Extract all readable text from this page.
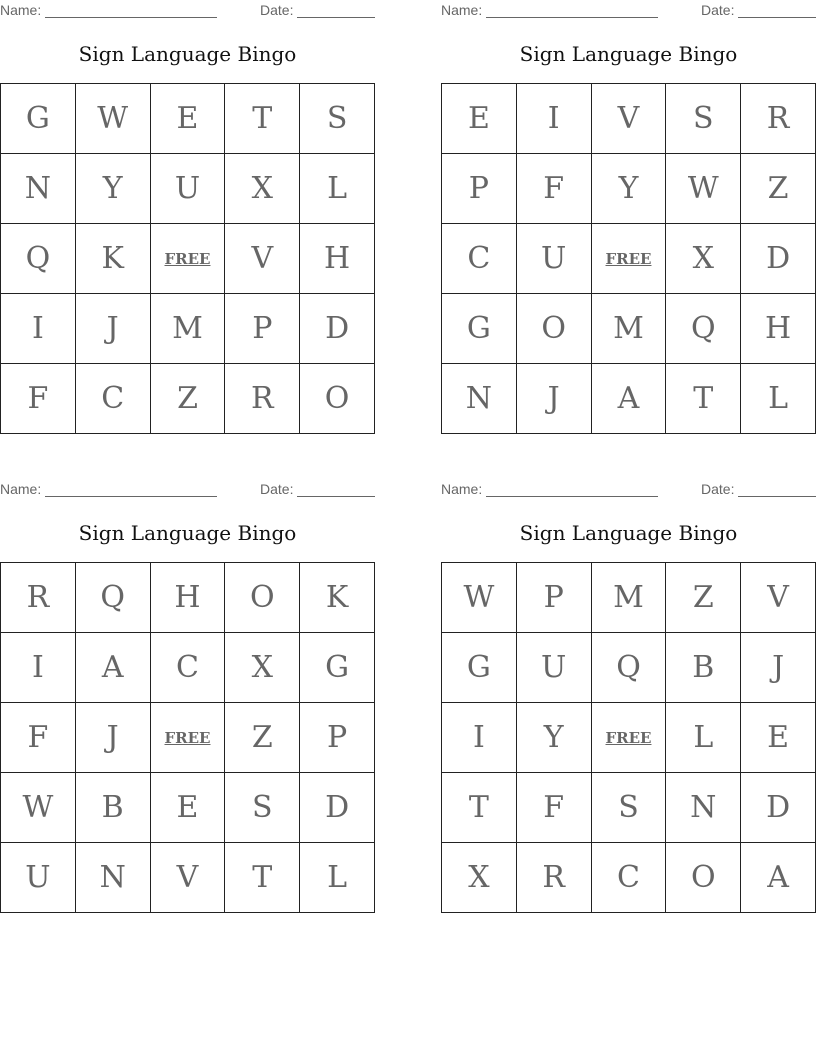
Name:	Date:
Sign Language Bingo
G W E T S
N Y U X L
Q K	FREE V H
I J M P D
F C Z R O
Name:	Date:
Sign Language Bingo
E I V S R
P F Y W Z
C U	FREE X D
G O M Q H
N J A T L
Name:	Date:
Sign Language Bingo
R Q H O K
I A C X G
F J	FREE Z P
W B E S D
U N V T L
Name:	Date:
Sign Language Bingo
W P M Z V
G U Q B J
I Y	FREE L E
T F S N D
X R C O A
